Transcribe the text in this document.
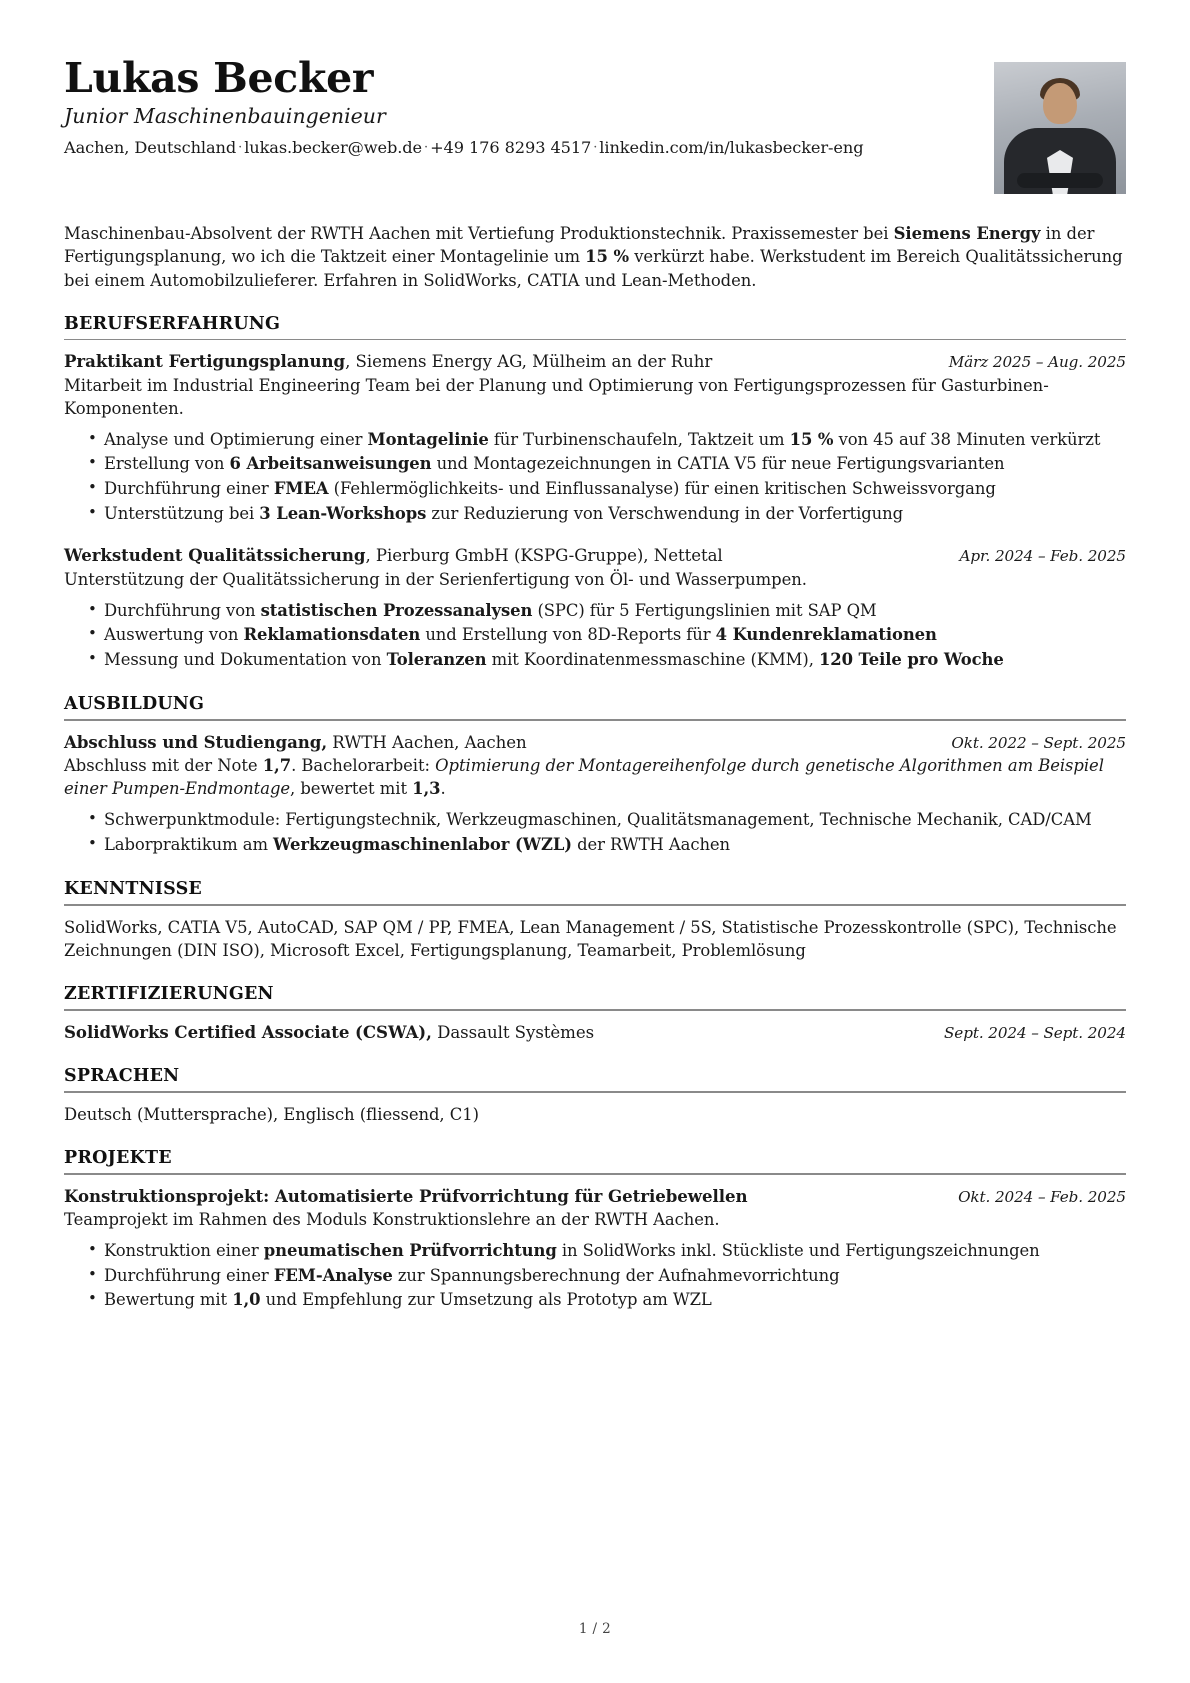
Lukas Becker
Junior Maschinenbauingenieur
Aachen, Deutschland · lukas.becker@web.de · +49 176 8293 4517 · linkedin.com/in/lukasbecker-eng
Maschinenbau-Absolvent der RWTH Aachen mit Vertiefung Produktionstechnik. Praxissemester bei Siemens Energy in der Fertigungsplanung, wo ich die Taktzeit einer Montagelinie um 15 % verkürzt habe. Werkstudent im Bereich Qualitätssicherung bei einem Automobilzulieferer. Erfahren in SolidWorks, CATIA und Lean-Methoden.
BERUFSERFAHRUNG
Praktikant Fertigungsplanung, Siemens Energy AG, Mülheim an der Ruhr	März 2025 – Aug. 2025
Mitarbeit im Industrial Engineering Team bei der Planung und Optimierung von Fertigungsprozessen für Gasturbinen-Komponenten.
• Analyse und Optimierung einer Montagelinie für Turbinenschaufeln, Taktzeit um 15 % von 45 auf 38 Minuten verkürzt
• Erstellung von 6 Arbeitsanweisungen und Montagezeichnungen in CATIA V5 für neue Fertigungsvarianten
• Durchführung einer FMEA (Fehlermöglichkeits- und Einflussanalyse) für einen kritischen Schweissvorgang
• Unterstützung bei 3 Lean-Workshops zur Reduzierung von Verschwendung in der Vorfertigung
Werkstudent Qualitätssicherung, Pierburg GmbH (KSPG-Gruppe), Nettetal	Apr. 2024 – Feb. 2025
Unterstützung der Qualitätssicherung in der Serienfertigung von Öl- und Wasserpumpen.
• Durchführung von statistischen Prozessanalysen (SPC) für 5 Fertigungslinien mit SAP QM
• Auswertung von Reklamationsdaten und Erstellung von 8D-Reports für 4 Kundenreklamationen
• Messung und Dokumentation von Toleranzen mit Koordinatenmessmaschine (KMM), 120 Teile pro Woche
AUSBILDUNG
Abschluss und Studiengang, RWTH Aachen, Aachen	Okt. 2022 – Sept. 2025
Abschluss mit der Note 1,7. Bachelorarbeit: Optimierung der Montagereihenfolge durch genetische Algorithmen am Beispiel einer Pumpen-Endmontage, bewertet mit 1,3.
• Schwerpunktmodule: Fertigungstechnik, Werkzeugmaschinen, Qualitätsmanagement, Technische Mechanik, CAD/CAM
• Laborpraktikum am Werkzeugmaschinenlabor (WZL) der RWTH Aachen
KENNTNISSE
SolidWorks, CATIA V5, AutoCAD, SAP QM / PP, FMEA, Lean Management / 5S, Statistische Prozesskontrolle (SPC), Technische Zeichnungen (DIN ISO), Microsoft Excel, Fertigungsplanung, Teamarbeit, Problemlösung
ZERTIFIZIERUNGEN
SolidWorks Certified Associate (CSWA), Dassault Systèmes	Sept. 2024 – Sept. 2024
SPRACHEN
Deutsch (Muttersprache), Englisch (fliessend, C1)
PROJEKTE
Konstruktionsprojekt: Automatisierte Prüfvorrichtung für Getriebewellen	Okt. 2024 – Feb. 2025
Teamprojekt im Rahmen des Moduls Konstruktionslehre an der RWTH Aachen.
• Konstruktion einer pneumatischen Prüfvorrichtung in SolidWorks inkl. Stückliste und Fertigungszeichnungen
• Durchführung einer FEM-Analyse zur Spannungsberechnung der Aufnahmevorrichtung
• Bewertung mit 1,0 und Empfehlung zur Umsetzung als Prototyp am WZL
1 / 2
